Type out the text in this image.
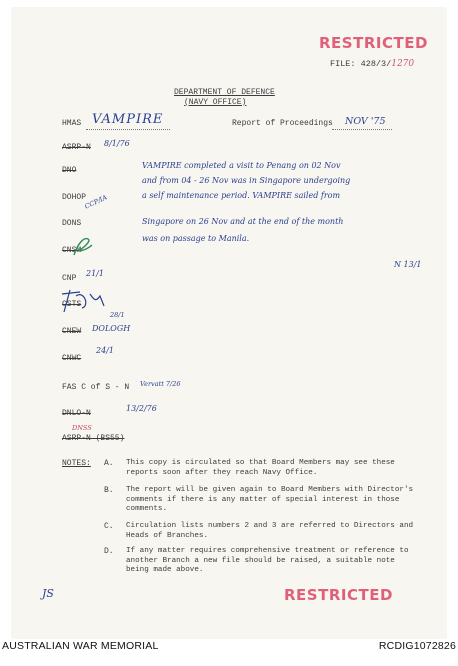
RESTRICTED
FILE: 428/3/1270
DEPARTMENT OF DEFENCE
(NAVY OFFICE)
HMAS VAMPIRE	Report of Proceedings NOV '75
ASRP-N 8/1/76
DNO
DOHOP
CCP/IA
DONS
CNSM
CNP
21/1
CSTS
CNEW DOLOGH
28/1
CNWC
24/1
FAS C of S - N Vervatt 7/26
DNLO-N
13/2/76
DNSS
ASRP-N (BS55)
VAMPIRE completed a visit to Penang on 02 Nov
and from 04 - 26 Nov was in Singapore undergoing
a self maintenance period. VAMPIRE sailed from
Singapore on 26 Nov and at the end of the month
was on passage to Manila.
N 13/1
NOTES: A. This copy is circulated so that Board Members may see these reports soon after they reach Navy Office.
B. The report will be given again to Board Members with Director's comments if there is any matter of special interest in those comments.
C. Circulation lists numbers 2 and 3 are referred to Directors and Heads of Branches.
D. If any matter requires comprehensive treatment or reference to another Branch a new file should be raised, a suitable note being made above.
JS	RESTRICTED
AUSTRALIAN WAR MEMORIAL	RCDIG1072826
